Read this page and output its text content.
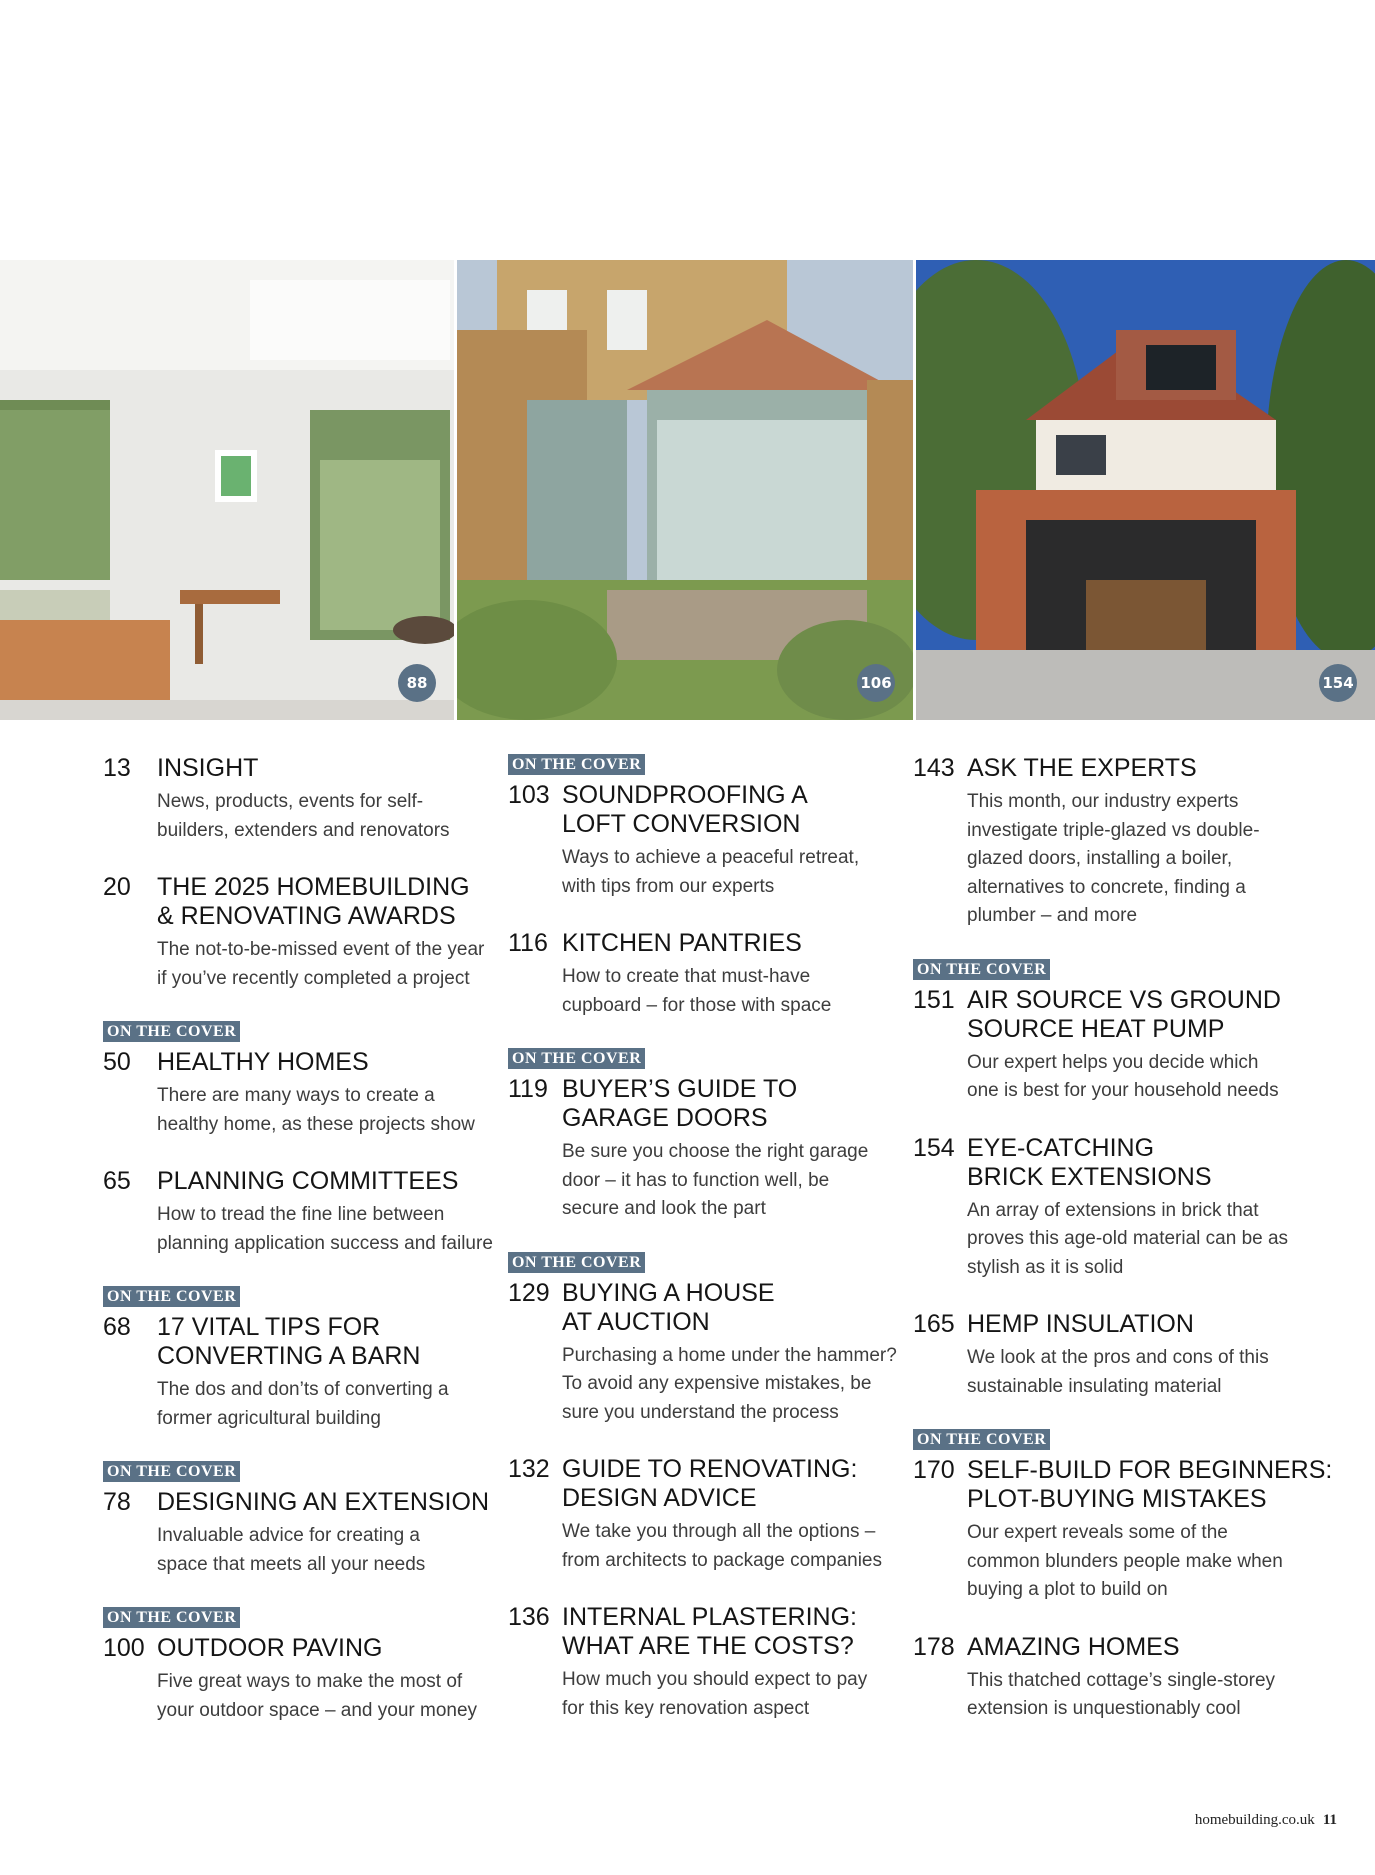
88	106	154
13	INSIGHT
News, products, events for self-
builders, extenders and renovators
20	THE 2025 HOMEBUILDING
& RENOVATING AWARDS
The not-to-be-missed event of the year
if you’ve recently completed a project
ON THE COVER
50	HEALTHY HOMES
There are many ways to create a
healthy home, as these projects show
65	PLANNING COMMITTEES
How to tread the fine line between
planning application success and failure
ON THE COVER
68	17 VITAL TIPS FOR
CONVERTING A BARN
The dos and don’ts of converting a
former agricultural building
ON THE COVER
78	DESIGNING AN EXTENSION
Invaluable advice for creating a
space that meets all your needs
ON THE COVER
100 OUTDOOR PAVING
Five great ways to make the most of
your outdoor space – and your money
ON THE COVER
103 SOUNDPROOFING A
LOFT CONVERSION
Ways to achieve a peaceful retreat,
with tips from our experts
116 KITCHEN PANTRIES
How to create that must-have
cupboard – for those with space
ON THE COVER
119 BUYER’S GUIDE TO
GARAGE DOORS
Be sure you choose the right garage
door – it has to function well, be
secure and look the part
ON THE COVER
129 BUYING A HOUSE
AT AUCTION
Purchasing a home under the hammer?
To avoid any expensive mistakes, be
sure you understand the process
132 GUIDE TO RENOVATING:
DESIGN ADVICE
We take you through all the options –
from architects to package companies
136 INTERNAL PLASTERING:
WHAT ARE THE COSTS?
How much you should expect to pay
for this key renovation aspect
143 ASK THE EXPERTS
This month, our industry experts
investigate triple-glazed vs double-
glazed doors, installing a boiler,
alternatives to concrete, finding a
plumber – and more
ON THE COVER
151 AIR SOURCE VS GROUND
SOURCE HEAT PUMP
Our expert helps you decide which
one is best for your household needs
154 EYE-CATCHING
BRICK EXTENSIONS
An array of extensions in brick that
proves this age-old material can be as
stylish as it is solid
165 HEMP INSULATION
We look at the pros and cons of this
sustainable insulating material
ON THE COVER
170 SELF-BUILD FOR BEGINNERS:
PLOT-BUYING MISTAKES
Our expert reveals some of the
common blunders people make when
buying a plot to build on
178 AMAZING HOMES
This thatched cottage’s single-storey
extension is unquestionably cool
homebuilding.co.uk 11
